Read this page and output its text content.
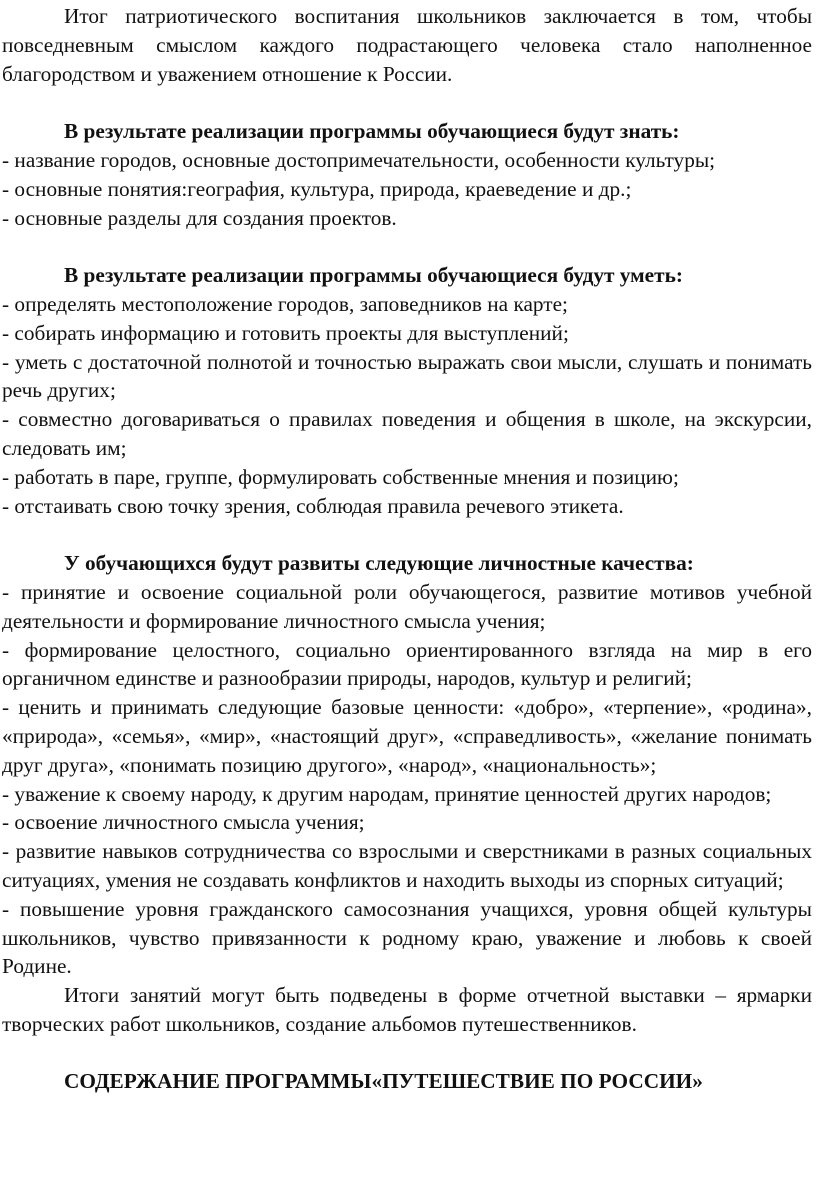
Итог патриотического воспитания школьников заключается в том, чтобы повседневным смыслом каждого подрастающего человека стало наполненное благородством и уважением отношение к России.

В результате реализации программы обучающиеся будут знать:

- название городов, основные достопримечательности, особенности культуры;

- основные понятия:география, культура, природа, краеведение и др.;

- основные разделы для создания проектов.

В результате реализации программы обучающиеся будут уметь:

- определять местоположение городов, заповедников на карте;

- собирать информацию и готовить проекты для выступлений;

- уметь с достаточной полнотой и точностью выражать свои мысли, слушать и понимать речь других;

- совместно договариваться о правилах поведения и общения в школе, на экскурсии, следовать им;

- работать в паре, группе, формулировать собственные мнения и позицию;

- отстаивать свою точку зрения, соблюдая правила речевого этикета.

У обучающихся будут развиты следующие личностные качества:

- принятие и освоение социальной роли обучающегося, развитие мотивов учебной деятельности и формирование личностного смысла учения;

- формирование целостного, социально ориентированного взгляда на мир в его органичном единстве и разнообразии природы, народов, культур и религий;

- ценить и принимать следующие базовые ценности: «добро», «терпение», «родина», «природа», «семья», «мир», «настоящий друг», «справедливость», «желание понимать друг друга», «понимать позицию другого», «народ», «национальность»;

- уважение к своему народу, к другим народам, принятие ценностей других народов;

- освоение личностного смысла учения;

- развитие навыков сотрудничества со взрослыми и сверстниками в разных социальных ситуациях, умения не создавать конфликтов и находить выходы из спорных ситуаций;

- повышение уровня гражданского самосознания учащихся, уровня общей культуры школьников, чувство привязанности к родному краю, уважение и любовь к своей Родине.

Итоги занятий могут быть подведены в форме отчетной выставки – ярмарки творческих работ школьников, создание альбомов путешественников.

СОДЕРЖАНИЕ ПРОГРАММЫ«ПУТЕШЕСТВИЕ ПО РОССИИ»
